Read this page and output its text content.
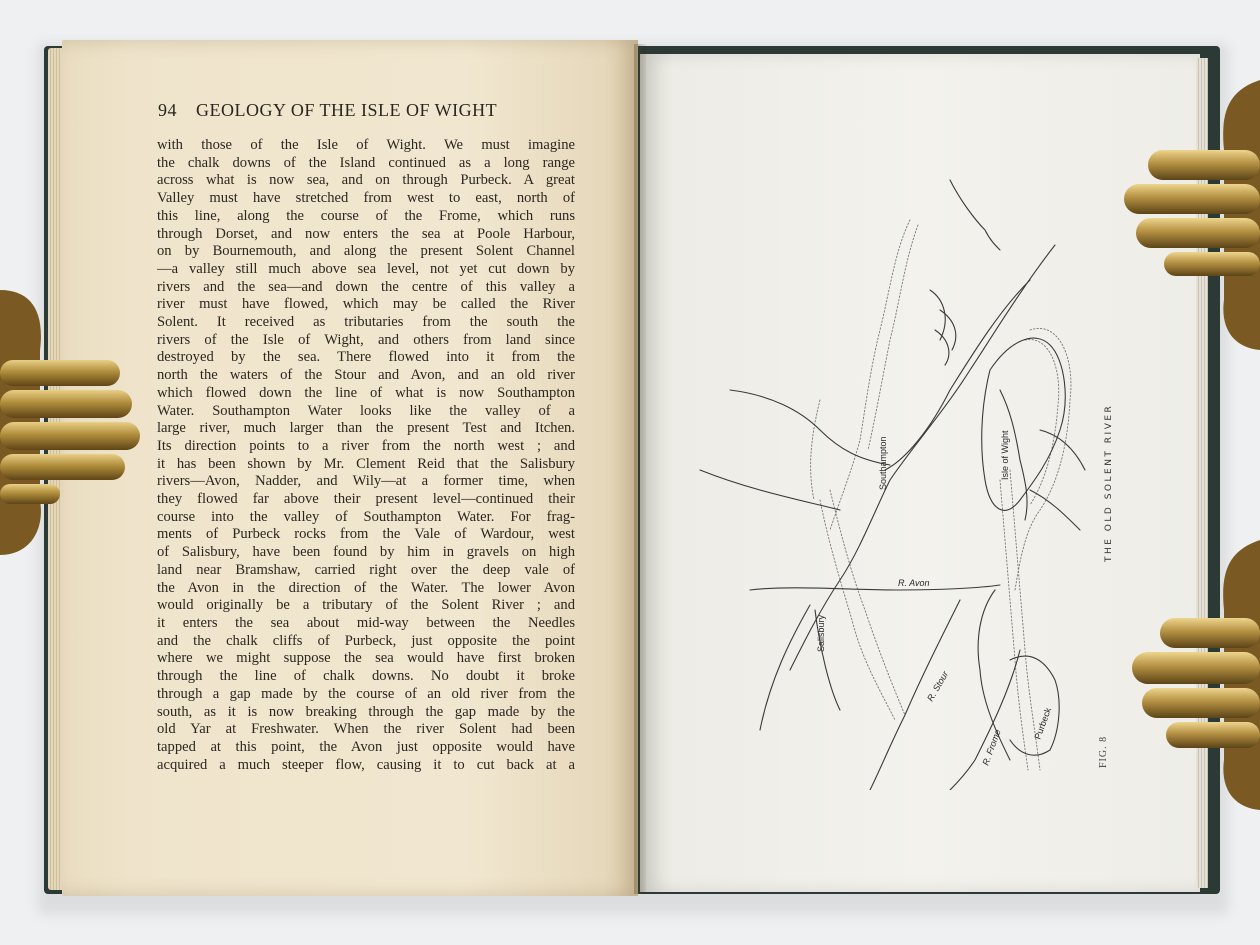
94 GEOLOGY OF THE ISLE OF WIGHT
with those of the Isle of Wight. We must imagine
the chalk downs of the Island continued as a long range
across what is now sea, and on through Purbeck. A great
Valley must have stretched from west to east, north of
this line, along the course of the Frome, which runs
through Dorset, and now enters the sea at Poole Harbour,
on by Bournemouth, and along the present Solent Channel
—a valley still much above sea level, not yet cut down by
rivers and the sea—and down the centre of this valley a
river must have flowed, which may be called the River
Solent. It received as tributaries from the south the
rivers of the Isle of Wight, and others from land since
destroyed by the sea. There flowed into it from the
north the waters of the Stour and Avon, and an old river
which flowed down the line of what is now Southampton
Water. Southampton Water looks like the valley of a
large river, much larger than the present Test and Itchen.
Its direction points to a river from the north west ; and
it has been shown by Mr. Clement Reid that the Salisbury
rivers—Avon, Nadder, and Wily—at a former time, when
they flowed far above their present level—continued their
course into the valley of Southampton Water. For frag-
ments of Purbeck rocks from the Vale of Wardour, west
of Salisbury, have been found by him in gravels on high
land near Bramshaw, carried right over the deep vale of
the Avon in the direction of the Water. The lower Avon
would originally be a tributary of the Solent River ; and
it enters the sea about mid-way between the Needles
and the chalk cliffs of Purbeck, just opposite the point
where we might suppose the sea would have first broken
through the line of chalk downs. No doubt it broke
through a gap made by the course of an old river from the
south, as it is now breaking through the gap made by the
old Yar at Freshwater. When the river Solent had been
tapped at this point, the Avon just opposite would have
acquired a much steeper flow, causing it to cut back at a
Southampton	Isle of Wight
R. Avon
Salisbury
R. Stour
R. Frome
Purbeck
THE OLD SOLENT RIVER
FIG. 8
